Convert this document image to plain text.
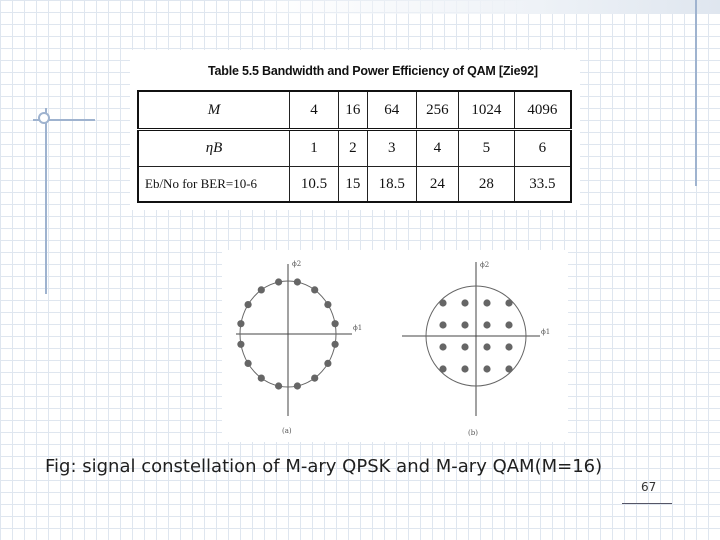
Table 5.5 Bandwidth and Power Efficiency of QAM [Zie92]
M	4	16	64	256	1024	4096
ηB	1	2	3	4	5	6
Eb/No for BER=10-6	10.5	15	18.5	24	28	33.5
ϕ2
ϕ1
(a)
ϕ2
ϕ1
(b)
Fig: signal constellation of M-ary QPSK and M-ary QAM(M=16)
67
